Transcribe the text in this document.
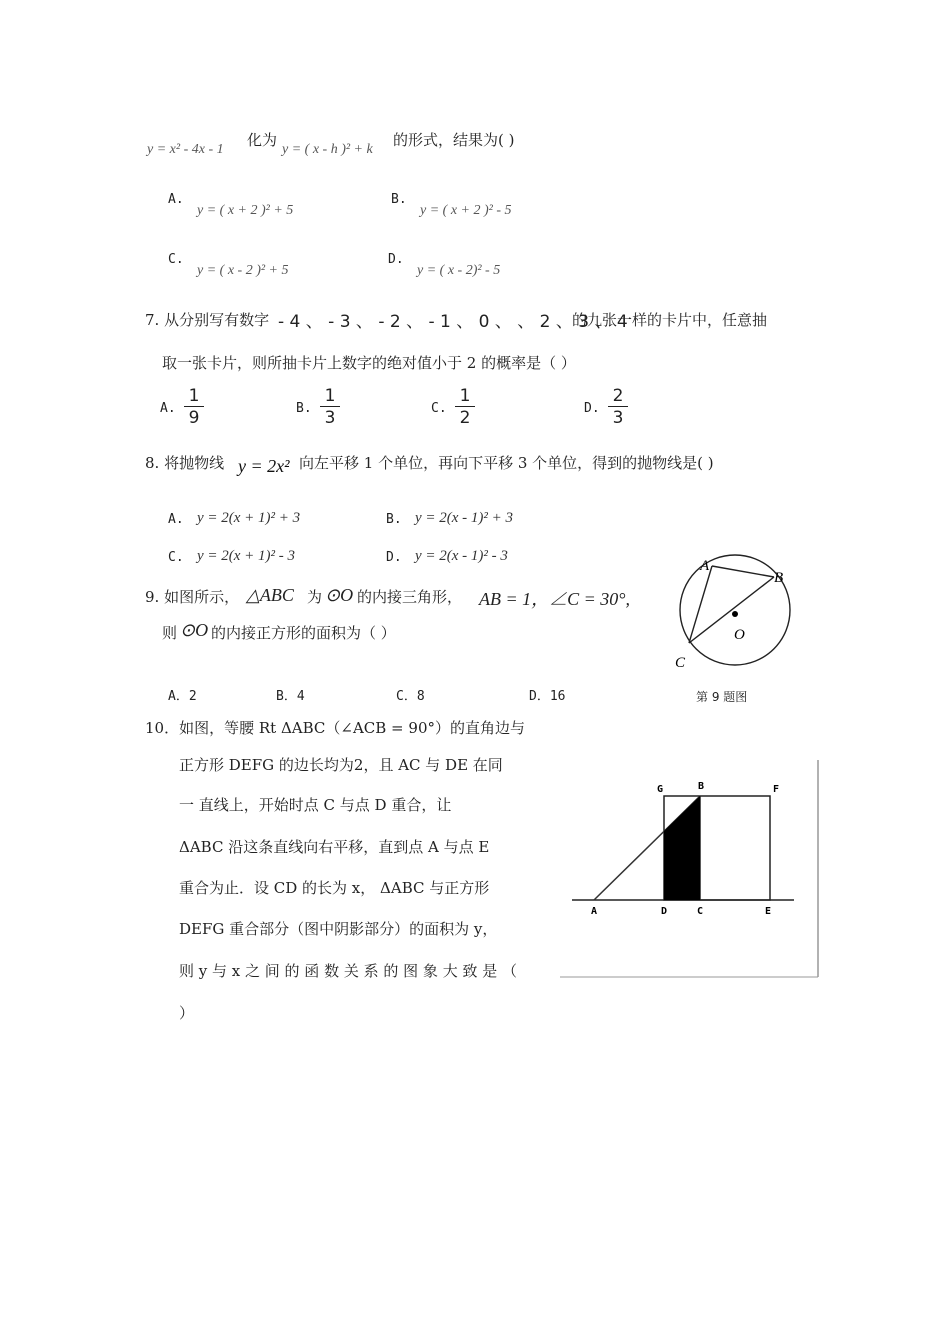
y = x² - 4x - 1
化为
y = ( x - h )² + k
的形式，结果为( )
A.
y = ( x + 2 )² + 5
B.
y = ( x + 2 )² - 5
C.
y = ( x - 2 )² + 5
D.
y = ( x - 2)² - 5
7. 从分别写有数字 - 4 、 - 3 、 - 2 、 - 1 、 0 、 、 2 、 3 、 4
的九张一样的卡片中，任意抽
取一张卡片，则所抽卡片上数字的绝对值小于 2 的概率是（ ）
A. $\frac{1}{9}$	B. $\frac{1}{3}$	C. $\frac{1}{2}$	D. $\frac{2}{3}$
8. 将抛物线 y = 2x² 向左平移 1 个单位，再向下平移 3 个单位，得到的抛物线是( )
A. y = 2(x + 1)² + 3	B. y = 2(x - 1)² + 3
C. y = 2(x + 1)² - 3	D. y = 2(x - 1)² - 3
9. 如图所示， △ABC 为 ⊙O 的内接三角形， AB = 1，∠C = 30°,
则 ⊙O 的内接正方形的面积为（ ）
A．2	B．4	C．8	D．16
A
B
O
C
第 9 题图
10．如图，等腰 Rt ΔABC（∠ACB = 90°）的直角边与
正方形 DEFG 的边长均为2，且 AC 与 DE 在同
一 直线上，开始时点 C 与点 D 重合，让
ΔABC 沿这条直线向右平移，直到点 A 与点 E
重合为止．设 CD 的长为 x， ΔABC 与正方形
DEFG 重合部分（图中阴影部分）的面积为 y，
则 y 与 x 之 间 的 函 数 关 系 的 图 象 大 致 是 （
）
G	B	F
A	D	C	E
